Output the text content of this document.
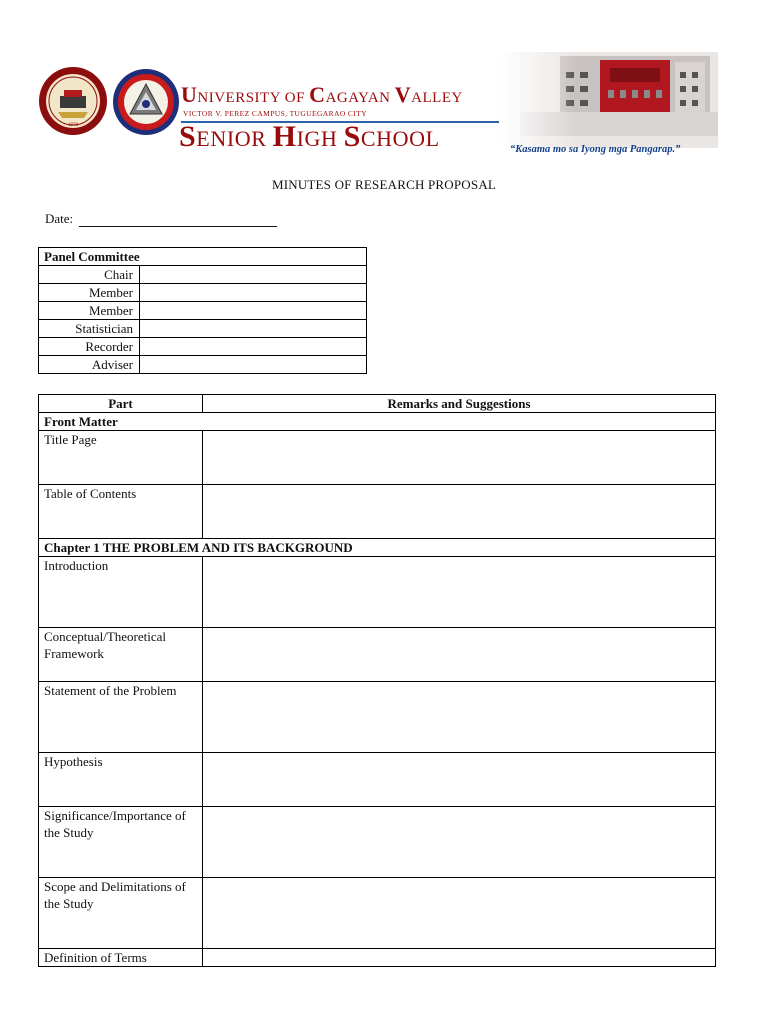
1978
UNIVERSITY OF CAGAYAN VALLEY
VICTOR V. PEREZ CAMPUS, TUGUEGARAO CITY
SENIOR HIGH SCHOOL	“Kasama mo sa Iyong mga Pangarap.”
MINUTES OF RESEARCH PROPOSAL
Date:
Panel Committee	
Chair	
Member	
Member	
Statistician	
Recorder	
Adviser	
Part	Remarks and Suggestions
Front Matter	
Title Page	
Table of Contents	
Chapter 1 THE PROBLEM AND ITS BACKGROUND	
Introduction	
Conceptual/Theoretical Framework	
Statement of the Problem	
Hypothesis	
Significance/Importance of the Study	
Scope and Delimitations of the Study	
Definition of Terms	
